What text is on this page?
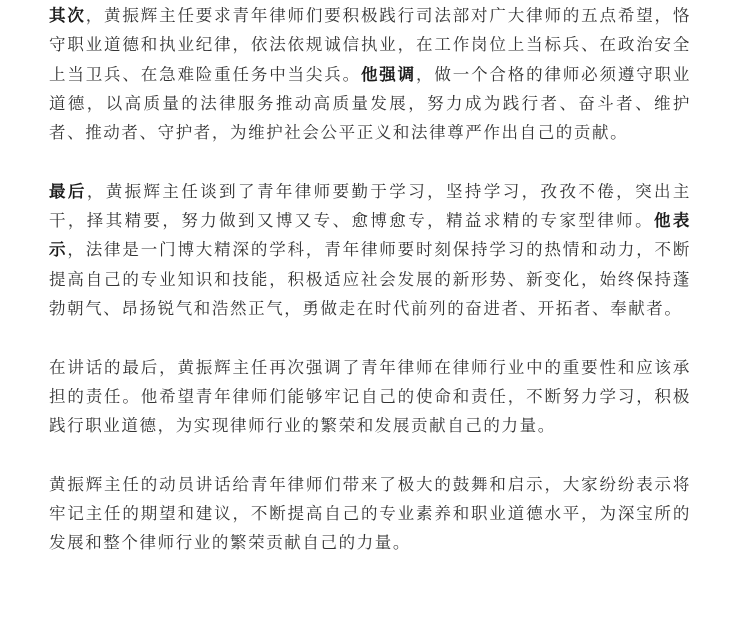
其次，黄振辉主任要求青年律师们要积极践行司法部对广大律师的五点希望，恪守职业道德和执业纪律，依法依规诚信执业，在工作岗位上当标兵、在政治安全上当卫兵、在急难险重任务中当尖兵。他强调，做一个合格的律师必须遵守职业道德，以高质量的法律服务推动高质量发展，努力成为践行者、奋斗者、维护者、推动者、守护者，为维护社会公平正义和法律尊严作出自己的贡献。

最后，黄振辉主任谈到了青年律师要勤于学习，坚持学习，孜孜不倦，突出主干，择其精要，努力做到又博又专、愈博愈专，精益求精的专家型律师。他表示，法律是一门博大精深的学科，青年律师要时刻保持学习的热情和动力，不断提高自己的专业知识和技能，积极适应社会发展的新形势、新变化，始终保持蓬勃朝气、昂扬锐气和浩然正气，勇做走在时代前列的奋进者、开拓者、奉献者。

在讲话的最后，黄振辉主任再次强调了青年律师在律师行业中的重要性和应该承担的责任。他希望青年律师们能够牢记自己的使命和责任，不断努力学习，积极践行职业道德，为实现律师行业的繁荣和发展贡献自己的力量。

黄振辉主任的动员讲话给青年律师们带来了极大的鼓舞和启示，大家纷纷表示将牢记主任的期望和建议，不断提高自己的专业素养和职业道德水平，为深宝所的发展和整个律师行业的繁荣贡献自己的力量。
